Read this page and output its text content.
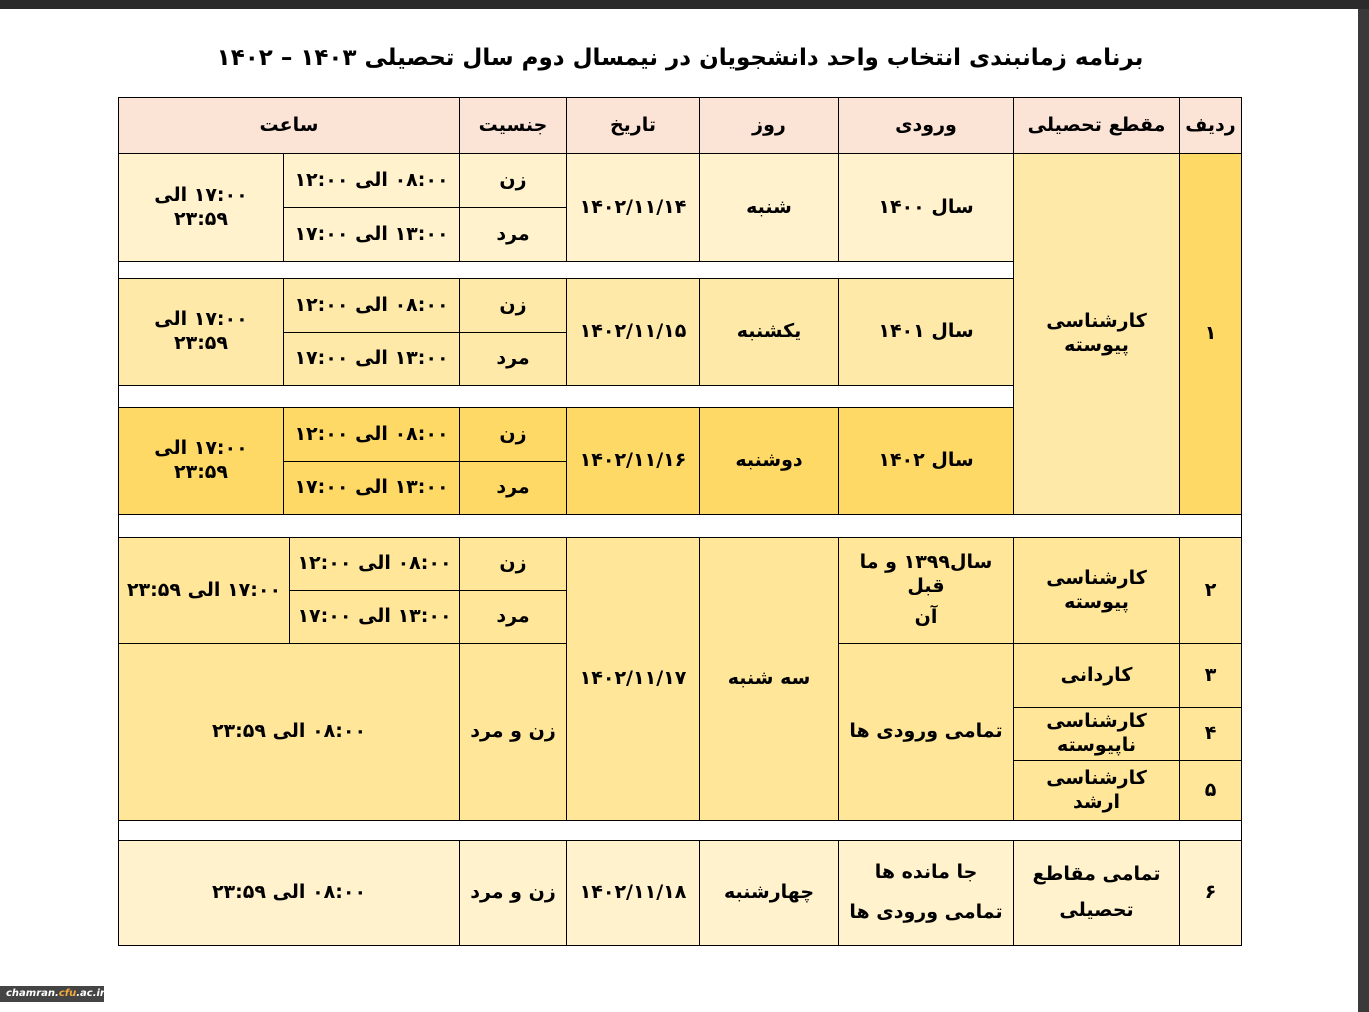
برنامه زمانبندی انتخاب واحد دانشجویان در نیمسال دوم سال تحصیلی ۱۴۰۳ – ۱۴۰۲
ردیف
مقطع تحصیلی
ورودی
روز
تاریخ
جنسیت
ساعت
۱
کارشناسی پیوسته
سال ۱۴۰۰
شنبه
۱۴۰۲/۱۱/۱۴
زن
مرد
۰۸:۰۰ الی ۱۲:۰۰
۱۳:۰۰ الی ۱۷:۰۰
۱۷:۰۰ الی ۲۳:۵۹
سال ۱۴۰۱
یکشنبه
۱۴۰۲/۱۱/۱۵
زن
مرد
۰۸:۰۰ الی ۱۲:۰۰
۱۳:۰۰ الی ۱۷:۰۰
۱۷:۰۰ الی ۲۳:۵۹
سال ۱۴۰۲
دوشنبه
۱۴۰۲/۱۱/۱۶
زن
مرد
۰۸:۰۰ الی ۱۲:۰۰
۱۳:۰۰ الی ۱۷:۰۰
۱۷:۰۰ الی ۲۳:۵۹
۲
کارشناسی پیوسته
سال۱۳۹۹ و ما قبل
آن
سه شنبه
۱۴۰۲/۱۱/۱۷
زن
مرد
۰۸:۰۰ الی ۱۲:۰۰
۱۳:۰۰ الی ۱۷:۰۰
۱۷:۰۰ الی ۲۳:۵۹
۳
کاردانی
۴
کارشناسی ناپیوسته
۵
کارشناسی ارشد
تمامی ورودی ها
زن و مرد
۰۸:۰۰ الی ۲۳:۵۹
۶
تمامی مقاطع
تحصیلی
جا مانده ها
تمامی ورودی ها
چهارشنبه
۱۴۰۲/۱۱/۱۸
زن و مرد
۰۸:۰۰ الی ۲۳:۵۹
chamran.cfu.ac.ir
